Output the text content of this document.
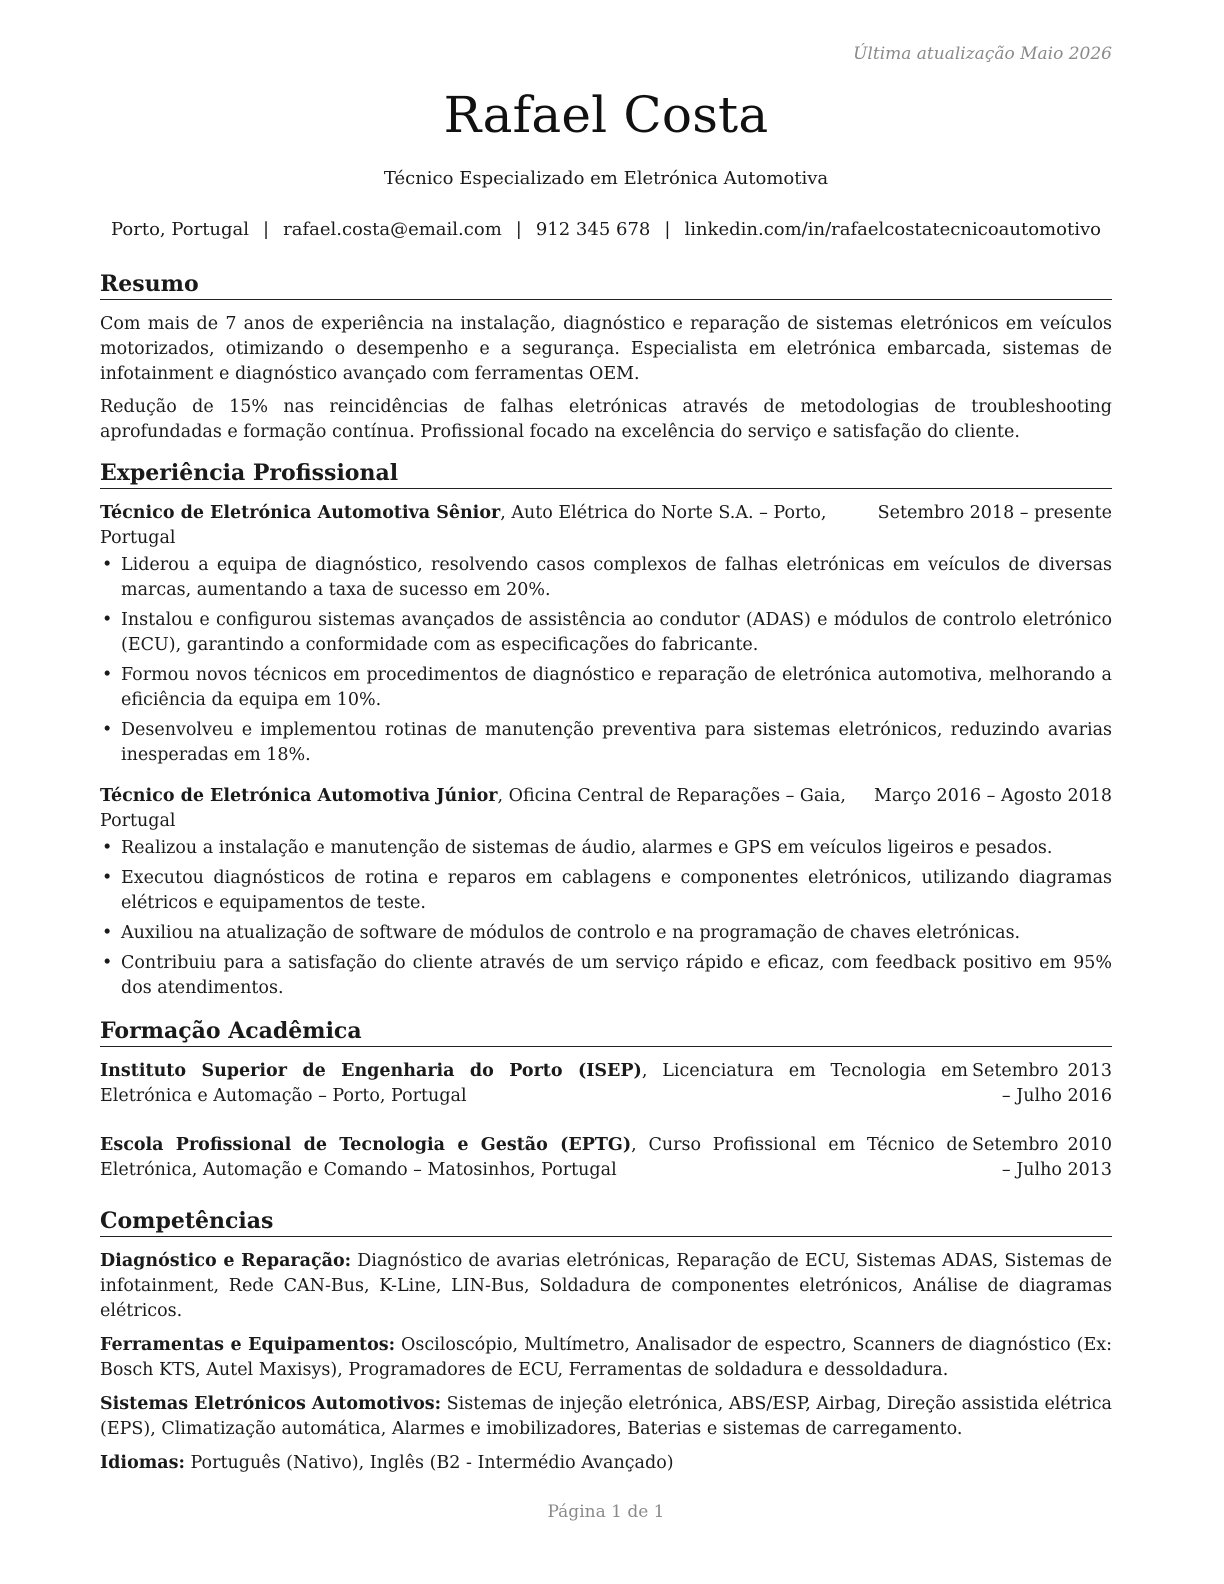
Última atualização Maio 2026
Rafael Costa
Técnico Especializado em Eletrónica Automotiva
Porto, Portugal | rafael.costa@email.com | 912 345 678 | linkedin.com/in/rafaelcostatecnicoautomotivo
Resumo

Com mais de 7 anos de experiência na instalação, diagnóstico e reparação de sistemas eletrónicos em veículos motorizados, otimizando o desempenho e a segurança. Especialista em eletrónica embarcada, sistemas de infotainment e diagnóstico avançado com ferramentas OEM.

Redução de 15% nas reincidências de falhas eletrónicas através de metodologias de troubleshooting aprofundadas e formação contínua. Profissional focado na excelência do serviço e satisfação do cliente.

Experiência Profissional
Técnico de Eletrónica Automotiva Sênior, Auto Elétrica do Norte S.A. – Porto, Portugal
Setembro 2018 – presente
• Liderou a equipa de diagnóstico, resolvendo casos complexos de falhas eletrónicas em veículos de diversas marcas, aumentando a taxa de sucesso em 20%.
• Instalou e configurou sistemas avançados de assistência ao condutor (ADAS) e módulos de controlo eletrónico (ECU), garantindo a conformidade com as especificações do fabricante.
• Formou novos técnicos em procedimentos de diagnóstico e reparação de eletrónica automotiva, melhorando a eficiência da equipa em 10%.
• Desenvolveu e implementou rotinas de manutenção preventiva para sistemas eletrónicos, reduzindo avarias inesperadas em 18%.
Técnico de Eletrónica Automotiva Júnior, Oficina Central de Reparações – Gaia, Portugal
Março 2016 – Agosto 2018
• Realizou a instalação e manutenção de sistemas de áudio, alarmes e GPS em veículos ligeiros e pesados.
• Executou diagnósticos de rotina e reparos em cablagens e componentes eletrónicos, utilizando diagramas elétricos e equipamentos de teste.
• Auxiliou na atualização de software de módulos de controlo e na programação de chaves eletrónicas.
• Contribuiu para a satisfação do cliente através de um serviço rápido e eficaz, com feedback positivo em 95% dos atendimentos.
Formação Acadêmica
Instituto Superior de Engenharia do Porto (ISEP), Licenciatura em Tecnologia em Eletrónica e Automação – Porto, Portugal
Setembro 2013 – Julho 2016
Escola Profissional de Tecnologia e Gestão (EPTG), Curso Profissional em Técnico de Eletrónica, Automação e Comando – Matosinhos, Portugal
Setembro 2010 – Julho 2013
Competências

Diagnóstico e Reparação: Diagnóstico de avarias eletrónicas, Reparação de ECU, Sistemas ADAS, Sistemas de infotainment, Rede CAN-Bus, K-Line, LIN-Bus, Soldadura de componentes eletrónicos, Análise de diagramas elétricos.

Ferramentas e Equipamentos: Osciloscópio, Multímetro, Analisador de espectro, Scanners de diagnóstico (Ex: Bosch KTS, Autel Maxisys), Programadores de ECU, Ferramentas de soldadura e dessoldadura.

Sistemas Eletrónicos Automotivos: Sistemas de injeção eletrónica, ABS/ESP, Airbag, Direção assistida elétrica (EPS), Climatização automática, Alarmes e imobilizadores, Baterias e sistemas de carregamento.

Idiomas: Português (Nativo), Inglês (B2 - Intermédio Avançado)

Página 1 de 1
